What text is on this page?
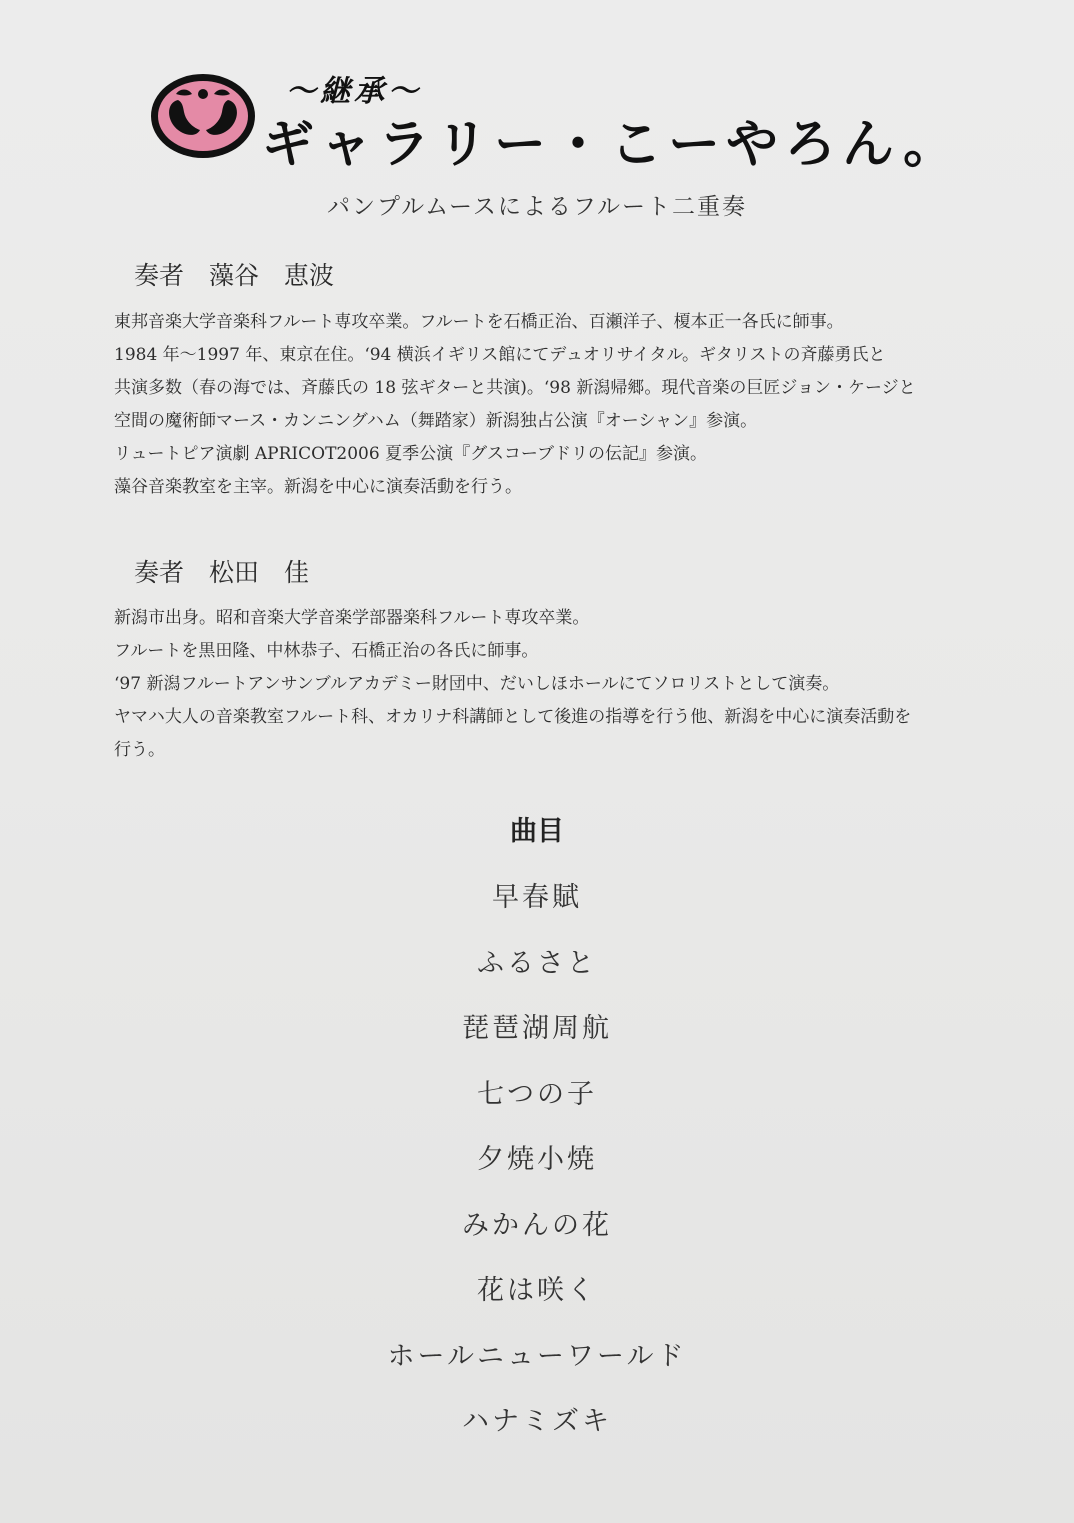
〜継承〜
ギャラリー・こーやろん。
パンプルムースによるフルート二重奏
奏者　藻谷　恵波
東邦音楽大学音楽科フルート専攻卒業。フルートを石橋正治、百瀬洋子、榎本正一各氏に師事。
1984 年〜1997 年、東京在住。‘94 横浜イギリス館にてデュオリサイタル。ギタリストの斉藤勇氏と
共演多数（春の海では、斉藤氏の 18 弦ギターと共演)。‘98 新潟帰郷。現代音楽の巨匠ジョン・ケージと
空間の魔術師マース・カンニングハム（舞踏家）新潟独占公演『オーシャン』参演。
リュートピア演劇 APRICOT2006 夏季公演『グスコーブドリの伝記』参演。
藻谷音楽教室を主宰。新潟を中心に演奏活動を行う。
奏者　松田　佳
新潟市出身。昭和音楽大学音楽学部器楽科フルート専攻卒業。
フルートを黒田隆、中林恭子、石橋正治の各氏に師事。
‘97 新潟フルートアンサンブルアカデミー財団中、だいしほホールにてソロリストとして演奏。
ヤマハ大人の音楽教室フルート科、オカリナ科講師として後進の指導を行う他、新潟を中心に演奏活動を
行う。
曲目
早春賦
ふるさと
琵琶湖周航
七つの子
夕焼小焼
みかんの花
花は咲く
ホールニューワールド
ハナミズキ
